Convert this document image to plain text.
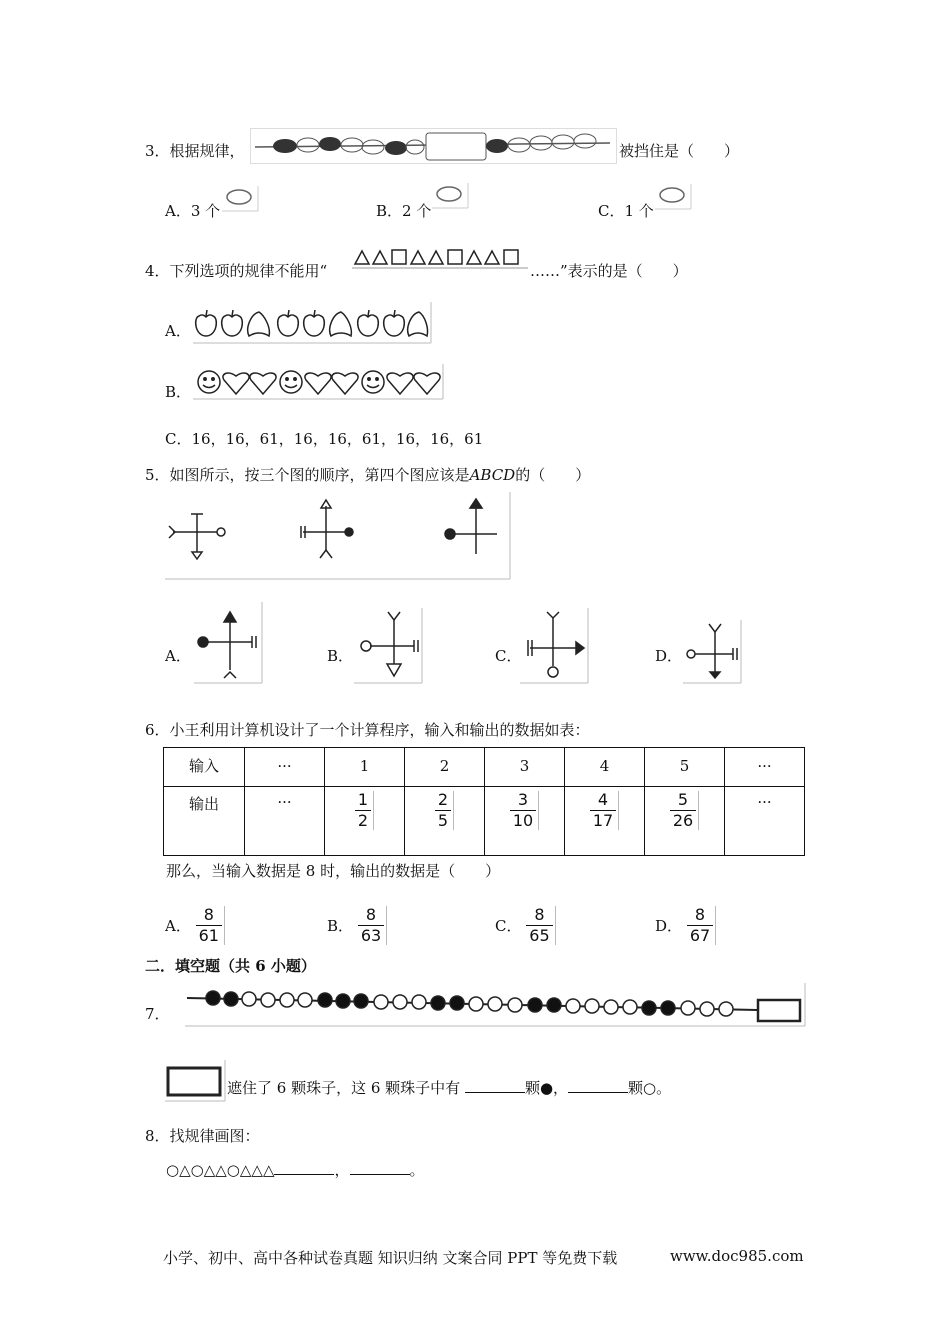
3．根据规律，	被挡住是（　　）
A．3 个	B．2 个	C．1 个
4．下列选项的规律不能用“	……”表示的是（　　）
A．
B．
C．16，16，61，16，16，61，16，16，61
5．如图所示，按三个图的顺序，第四个图应该是ABCD的（　　）
A．	B．	C．	D．
6．小王利用计算机设计了一个计算程序，输入和输出的数据如表：
输入	···	1	2	3	4	5	···
输出	···	$\frac{1}{2}$	$\frac{2}{5}$	$\frac{3}{10}$	$\frac{4}{17}$	$\frac{5}{26}$	···
那么，当输入数据是 8 时，输出的数据是（　　）
A． $\frac{8}{61}$	B． $\frac{8}{63}$	C． $\frac{8}{65}$	D． $\frac{8}{67}$
二．填空题（共 6 小题）
7．
遮住了 6 颗珠子，这 6 颗珠子中有	颗●，	颗○。
8．找规律画图：
○△○△△○△△△	，	。
小学、初中、高中各种试卷真题 知识归纳 文案合同 PPT 等免费下载	www.doc985.com
